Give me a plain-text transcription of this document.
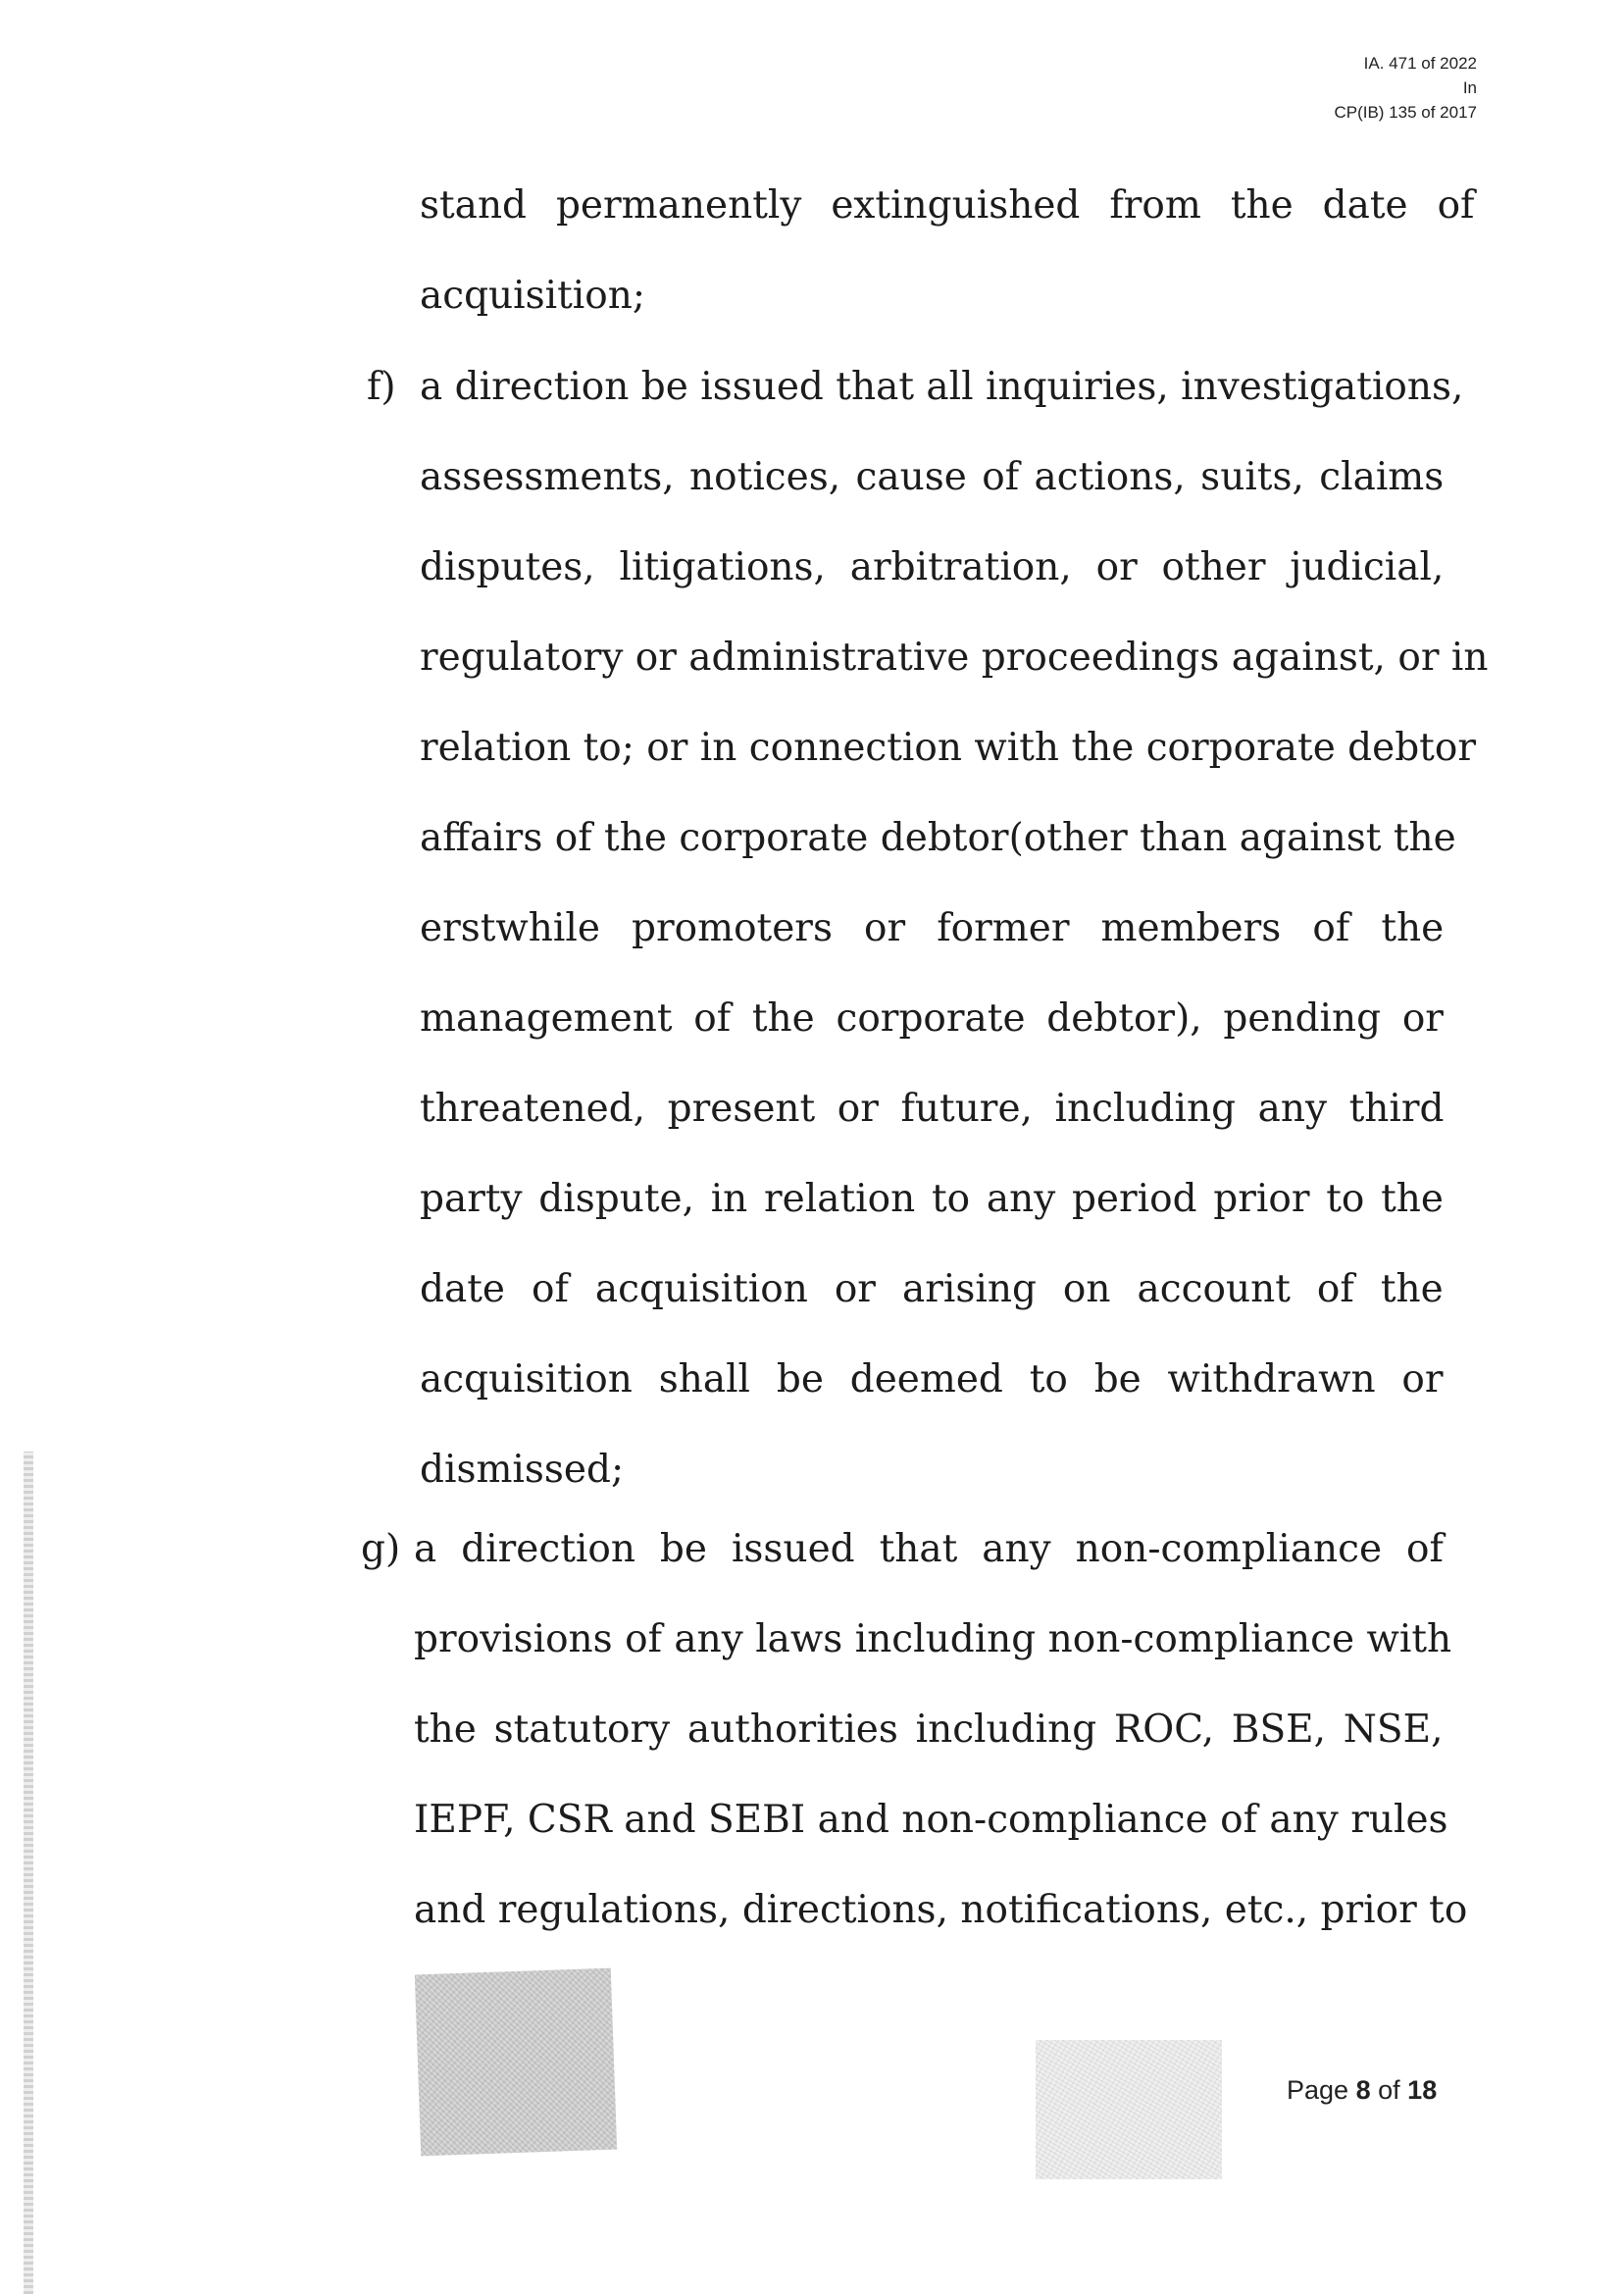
IA. 471 of 2022
In
CP(IB) 135 of 2017
stand permanently extinguished from the date of
acquisition;
f) a direction be issued that all inquiries, investigations,
assessments, notices, cause of actions, suits, claims
disputes, litigations, arbitration, or other judicial,
regulatory or administrative proceedings against, or in
relation to; or in connection with the corporate debtor
affairs of the corporate debtor(other than against the
erstwhile promoters or former members of the
management of the corporate debtor), pending or
threatened, present or future, including any third
party dispute, in relation to any period prior to the
date of acquisition or arising on account of the
acquisition shall be deemed to be withdrawn or
dismissed;
g) a direction be issued that any non-compliance of
provisions of any laws including non-compliance with
the statutory authorities including ROC, BSE, NSE,
IEPF, CSR and SEBI and non-compliance of any rules
and regulations, directions, notifications, etc., prior to
Page 8 of 18
